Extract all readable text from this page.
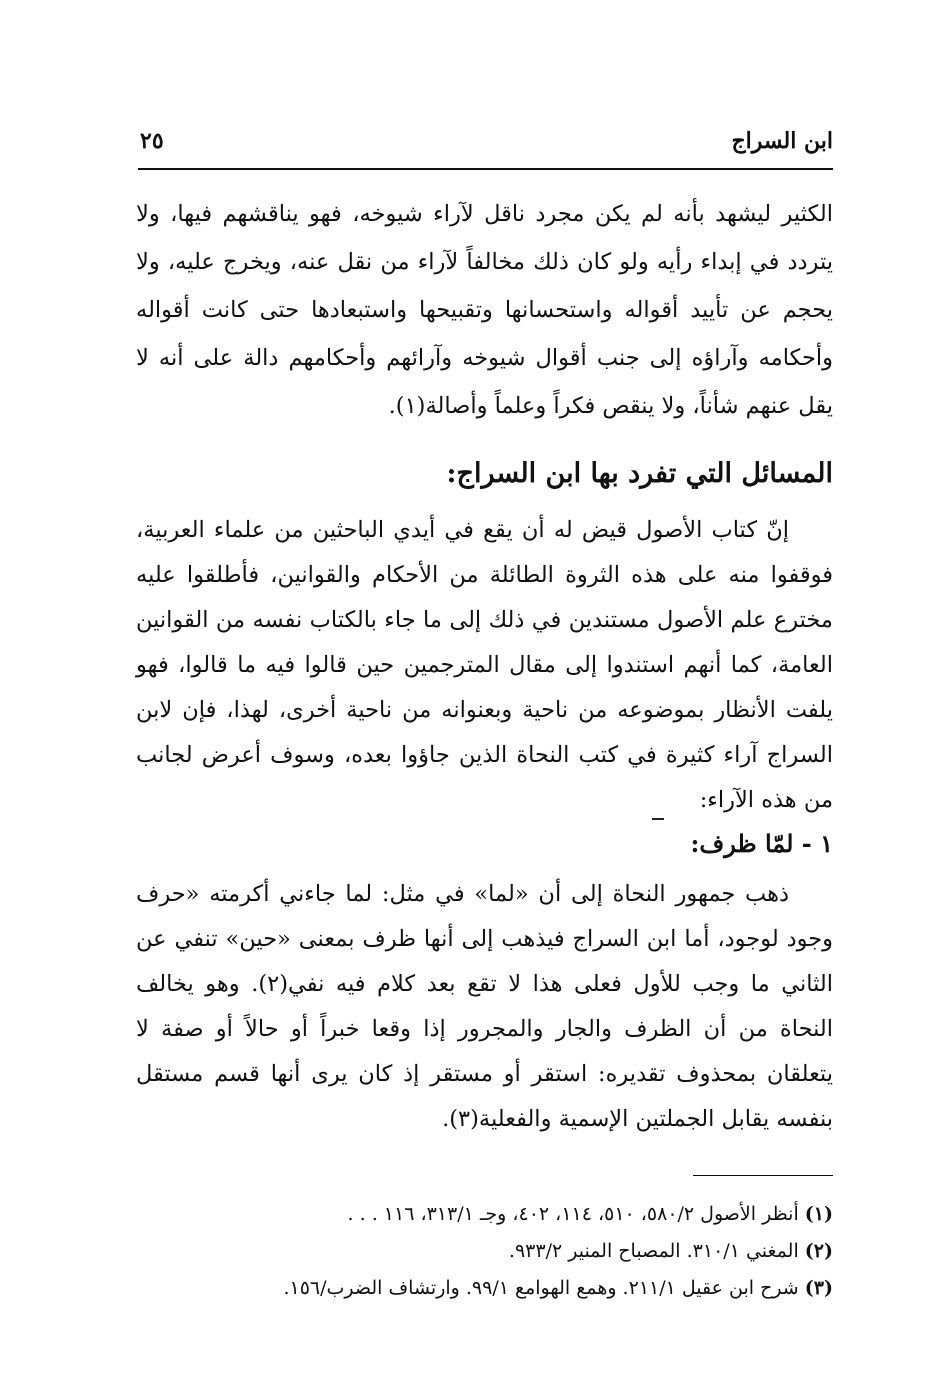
ابن السراج
٢٥

الكثير ليشهد بأنه لم يكن مجرد ناقل لآراء شيوخه، فهو يناقشهم فيها، ولا يتردد في إبداء رأيه ولو كان ذلك مخالفاً لآراء من نقل عنه، ويخرج عليه، ولا يحجم عن تأييد أقواله واستحسانها وتقبيحها واستبعادها حتى كانت أقواله وأحكامه وآراؤه إلى جنب أقوال شيوخه وآرائهم وأحكامهم دالة على أنه لا يقل عنهم شأناً، ولا ينقص فكراً وعلماً وأصالة(١).

المسائل التي تفرد بها ابن السراج:

إنّ كتاب الأصول قيض له أن يقع في أيدي الباحثين من علماء العربية، فوقفوا منه على هذه الثروة الطائلة من الأحكام والقوانين، فأطلقوا عليه مخترع علم الأصول مستندين في ذلك إلى ما جاء بالكتاب نفسه من القوانين العامة، كما أنهم استندوا إلى مقال المترجمين حين قالوا فيه ما قالوا، فهو يلفت الأنظار بموضوعه من ناحية وبعنوانه من ناحية أخرى، لهذا، فإن لابن السراج آراء كثيرة في كتب النحاة الذين جاؤوا بعده، وسوف أعرض لجانب من هذه الآراء:

١ - لمّا ظرف:

ذهب جمهور النحاة إلى أن «لما» في مثل: لما جاءني أكرمته «حرف وجود لوجود، أما ابن السراج فيذهب إلى أنها ظرف بمعنى «حين» تنفي عن الثاني ما وجب للأول فعلى هذا لا تقع بعد كلام فيه نفي(٢). وهو يخالف النحاة من أن الظرف والجار والمجرور إذا وقعا خبراً أو حالاً أو صفة لا يتعلقان بمحذوف تقديره: استقر أو مستقر إذ كان يرى أنها قسم مستقل بنفسه يقابل الجملتين الإسمية والفعلية(٣).

(١) أنظر الأصول ٥٨٠/٢، ٥١٠، ١١٤، ٤٠٢، وجـ ٣١٣/١، ١١٦ . . .

(٢) المغني ٣١٠/١. المصباح المنير ٩٣٣/٢.

(٣) شرح ابن عقيل ٢١١/١. وهمع الهوامع ٩٩/١. وارتشاف الضرب/١٥٦.
